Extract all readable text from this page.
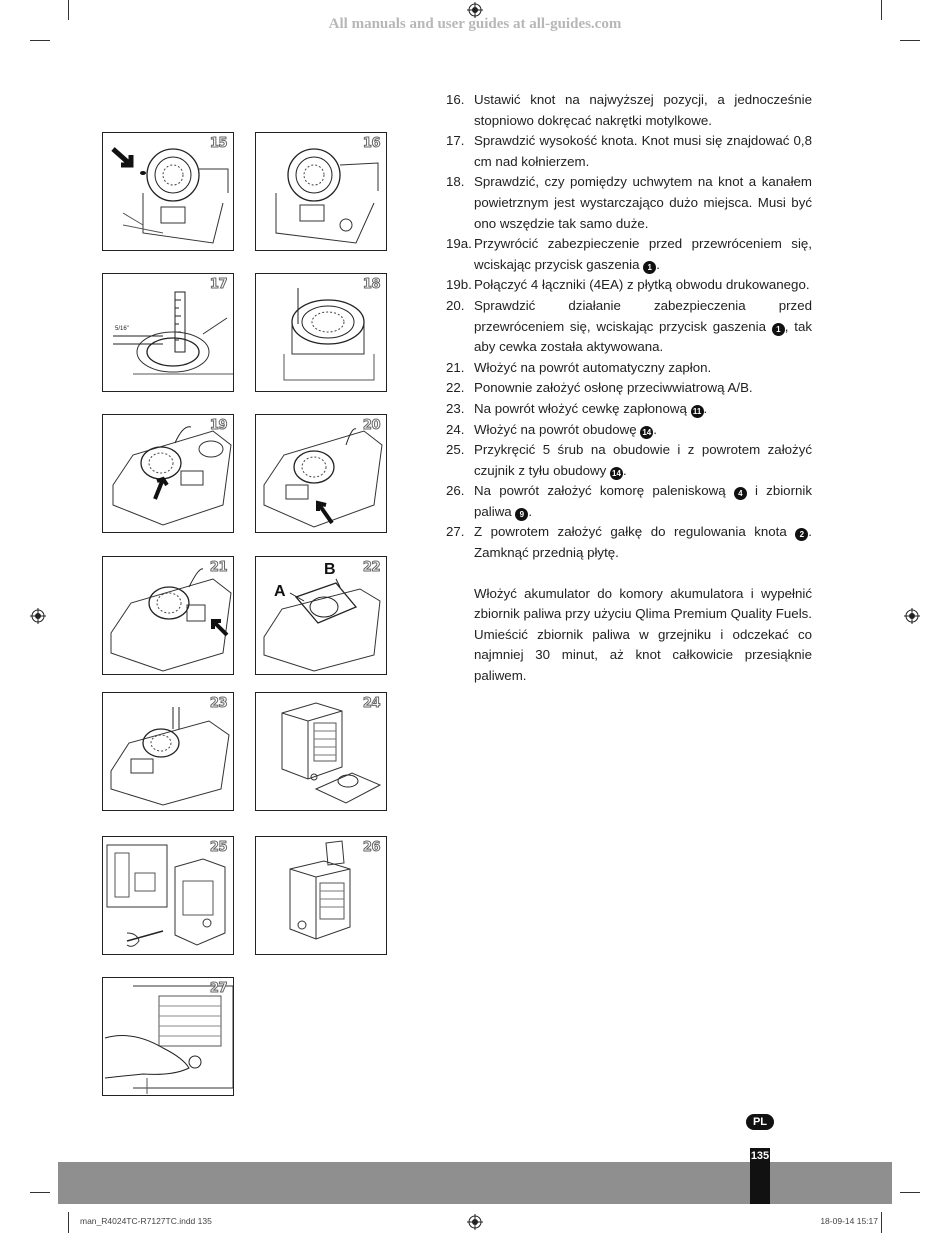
All manuals and user guides at all-guides.com
15	16
17
5/16"
18
19	20
21
A
B 22
23	24
25	26
27
16. Ustawić knot na najwyższej pozycji, a jednocześnie stopniowo dokręcać nakrętki motylkowe.
17. Sprawdzić wysokość knota. Knot musi się znajdować 0,8 cm nad kołnierzem.
18. Sprawdzić, czy pomiędzy uchwytem na knot a kanałem powietrznym jest wystarczająco dużo miejsca. Musi być ono wszędzie tak samo duże.
19a. Przywrócić zabezpieczenie przed przewróceniem się, wciskając przycisk gaszenia 1 .
19b. Połączyć 4 łączniki (4EA) z płytką obwodu drukowanego.
20. Sprawdzić działanie zabezpieczenia przed przewróceniem się, wciskając przycisk gaszenia 1 , tak aby cewka została aktywowana.
21. Włożyć na powrót automatyczny zapłon.
22. Ponownie założyć osłonę przeciwwiatrową A/B.
23. Na powrót włożyć cewkę zapłonową 11 .
24. Włożyć na powrót obudowę 14 .
25. Przykręcić 5 śrub na obudowie i z powrotem założyć czujnik z tyłu obudowy 14 .
26. Na powrót założyć komorę paleniskową 4 i zbiornik paliwa 9 .
27. Z powrotem założyć gałkę do regulowania knota 2 . Zamknąć przednią płytę.
Włożyć akumulator do komory akumulatora i wypełnić zbiornik paliwa przy użyciu Qlima Premium Quality Fuels. Umieścić zbiornik paliwa w grzejniku i odczekać co najmniej 30 minut, aż knot całkowicie przesiąknie paliwem.
PL
135
man_R4024TC-R7127TC.indd 135	18-09-14 15:17
